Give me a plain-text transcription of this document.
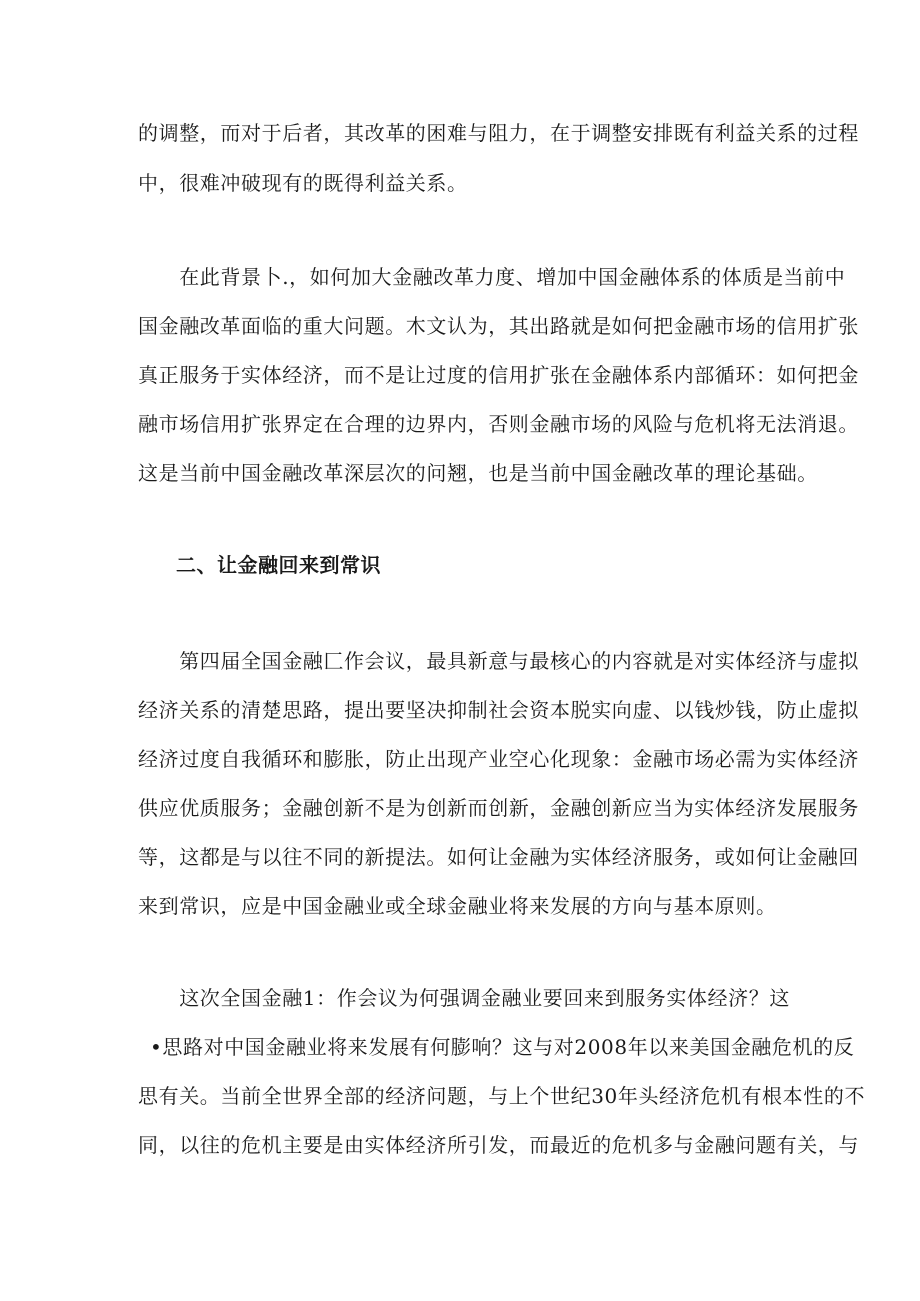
的调整，而对于后者，其改革的困难与阻力，在于调整安排既有利益关系的过程
中，很难冲破现有的既得利益关系。
　　在此背景卜.，如何加大金融改革力度、增加中国金融体系的体质是当前中
国金融改革面临的重大问题。木文认为，其出路就是如何把金融市场的信用扩张
真正服务于实体经济，而不是让过度的信用扩张在金融体系内部循环：如何把金
融市场信用扩张界定在合理的边界内，否则金融市场的风险与危机将无法消退。
这是当前中国金融改革深层次的问翘，也是当前中国金融改革的理论基础。
二、让金融回来到常识
　　第四届全国金融匚作会议，最具新意与最核心的内容就是对实体经济与虚拟
经济关系的清楚思路，提出要坚决抑制社会资本脱实向虚、以钱炒钱，防止虚拟
经济过度自我循环和膨胀，防止出现产业空心化现象：金融市场必需为实体经济
供应优质服务；金融创新不是为创新而创新，金融创新应当为实体经济发展服务
等，这都是与以往不同的新提法。如何让金融为实体经济服务，或如何让金融回
来到常识，应是中国金融业或全球金融业将来发展的方向与基本原则。
　　这次全国金融1：作会议为何强调金融业要回来到服务实体经济？这
•思路对中国金融业将来发展有何膨响？这与对2008年以来美国金融危机的反
思有关。当前全世界全部的经济问题，与上个世纪30年头经济危机有根本性的不
同，以往的危机主要是由实体经济所引发，而最近的危机多与金融问题有关，与
